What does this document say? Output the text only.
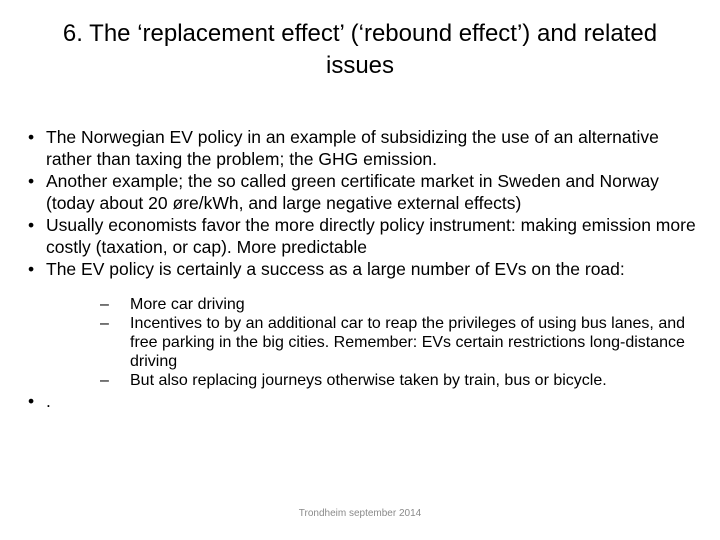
6. The ‘replacement effect’ (‘rebound effect’) and related issues
• The Norwegian EV policy in an example of subsidizing the use of an alternative rather than taxing the problem; the GHG emission.
• Another example; the so called green certificate market in Sweden and Norway (today about 20 øre/kWh, and large negative external effects)
• Usually economists favor the more directly policy instrument: making emission more costly (taxation, or cap). More predictable
• The EV policy is certainly a success as a large number of EVs on the road:
–	More car driving
–	Incentives to by an additional car to reap the privileges of using bus lanes, and free parking in the big cities. Remember: EVs certain restrictions long-distance driving
–	But also replacing journeys otherwise taken by train, bus or bicycle.
• .
Trondheim september 2014
